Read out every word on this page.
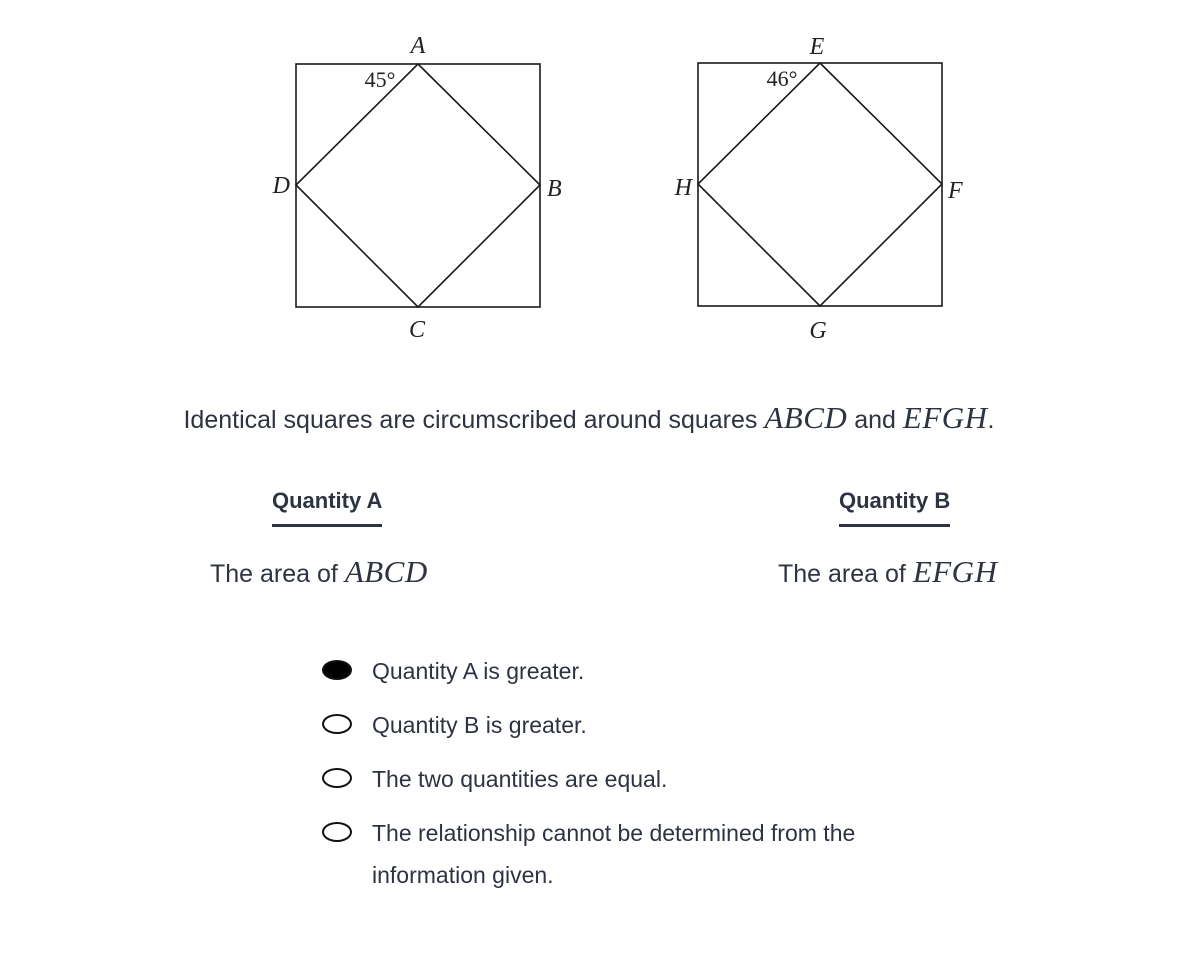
A
B
C
D
45°
E
F
G
H
46°
Identical squares are circumscribed around squares ABCD and EFGH.
Quantity A	Quantity B
The area of ABCD	The area of EFGH
Quantity A is greater.
Quantity B is greater.
The two quantities are equal.
The relationship cannot be determined from the information given.
